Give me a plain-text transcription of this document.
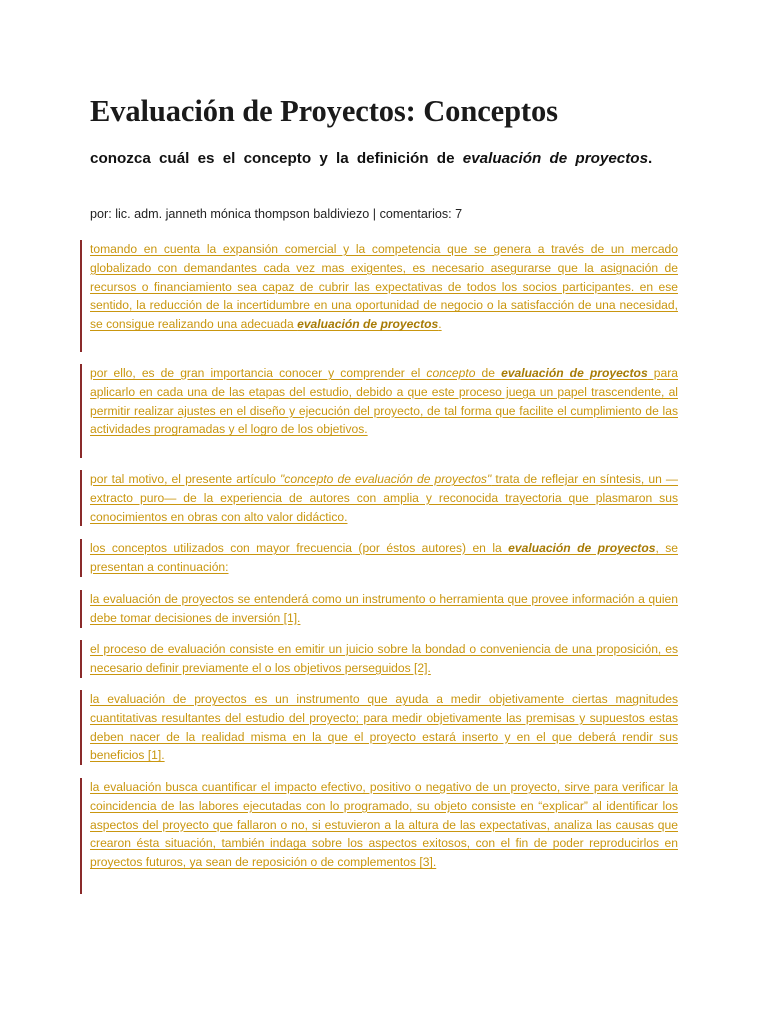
Evaluación de Proyectos: Conceptos

conozca cuál es el concepto y la definición de evaluación de proyectos.

por: lic. adm. janneth mónica thompson baldiviezo | comentarios: 7

tomando en cuenta la expansión comercial y la competencia que se genera a través de un mercado globalizado con demandantes cada vez mas exigentes, es necesario asegurarse que la asignación de recursos o financiamiento sea capaz de cubrir las expectativas de todos los socios participantes. en ese sentido, la reducción de la incertidumbre en una oportunidad de negocio o la satisfacción de una necesidad, se consigue realizando una adecuada evaluación de proyectos.

por ello, es de gran importancia conocer y comprender el concepto de evaluación de proyectos para aplicarlo en cada una de las etapas del estudio, debido a que este proceso juega un papel trascendente, al permitir realizar ajustes en el diseño y ejecución del proyecto, de tal forma que facilite el cumplimiento de las actividades programadas y el logro de los objetivos.

por tal motivo, el presente artículo "concepto de evaluación de proyectos" trata de reflejar en síntesis, un —extracto puro— de la experiencia de autores con amplia y reconocida trayectoria que plasmaron sus conocimientos en obras con alto valor didáctico.

los conceptos utilizados con mayor frecuencia (por éstos autores) en la evaluación de proyectos, se presentan a continuación:

la evaluación de proyectos se entenderá como un instrumento o herramienta que provee información a quien debe tomar decisiones de inversión [1].

el proceso de evaluación consiste en emitir un juicio sobre la bondad o conveniencia de una proposición, es necesario definir previamente el o los objetivos perseguidos [2].

la evaluación de proyectos es un instrumento que ayuda a medir objetivamente ciertas magnitudes cuantitativas resultantes del estudio del proyecto; para medir objetivamente las premisas y supuestos estas deben nacer de la realidad misma en la que el proyecto estará inserto y en el que deberá rendir sus beneficios [1].

la evaluación busca cuantificar el impacto efectivo, positivo o negativo de un proyecto, sirve para verificar la coincidencia de las labores ejecutadas con lo programado, su objeto consiste en “explicar” al identificar los aspectos del proyecto que fallaron o no, si estuvieron a la altura de las expectativas, analiza las causas que crearon ésta situación, también indaga sobre los aspectos exitosos, con el fin de poder reproducirlos en proyectos futuros, ya sean de reposición o de complementos [3].
